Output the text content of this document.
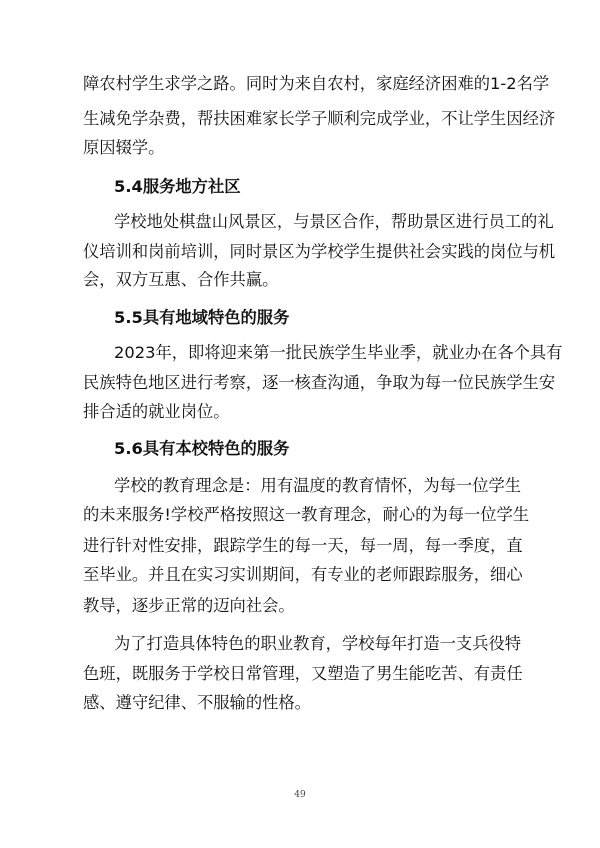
障农村学生求学之路。同时为来自农村，家庭经济困难的1-2名学
生减免学杂费，帮扶困难家长学子顺利完成学业，不让学生因经济
原因辍学。
5.4服务地方社区
学校地处棋盘山风景区，与景区合作，帮助景区进行员工的礼
仪培训和岗前培训，同时景区为学校学生提供社会实践的岗位与机
会，双方互惠、合作共赢。
5.5具有地域特色的服务
2023年，即将迎来第一批民族学生毕业季，就业办在各个具有
民族特色地区进行考察，逐一核查沟通，争取为每一位民族学生安
排合适的就业岗位。
5.6具有本校特色的服务
学校的教育理念是：用有温度的教育情怀，为每一位学生
的未来服务!学校严格按照这一教育理念，耐心的为每一位学生
进行针对性安排，跟踪学生的每一天，每一周，每一季度，直
至毕业。并且在实习实训期间，有专业的老师跟踪服务，细心
教导，逐步正常的迈向社会。
为了打造具体特色的职业教育，学校每年打造一支兵役特
色班，既服务于学校日常管理，又塑造了男生能吃苦、有责任
感、遵守纪律、不服输的性格。
49
